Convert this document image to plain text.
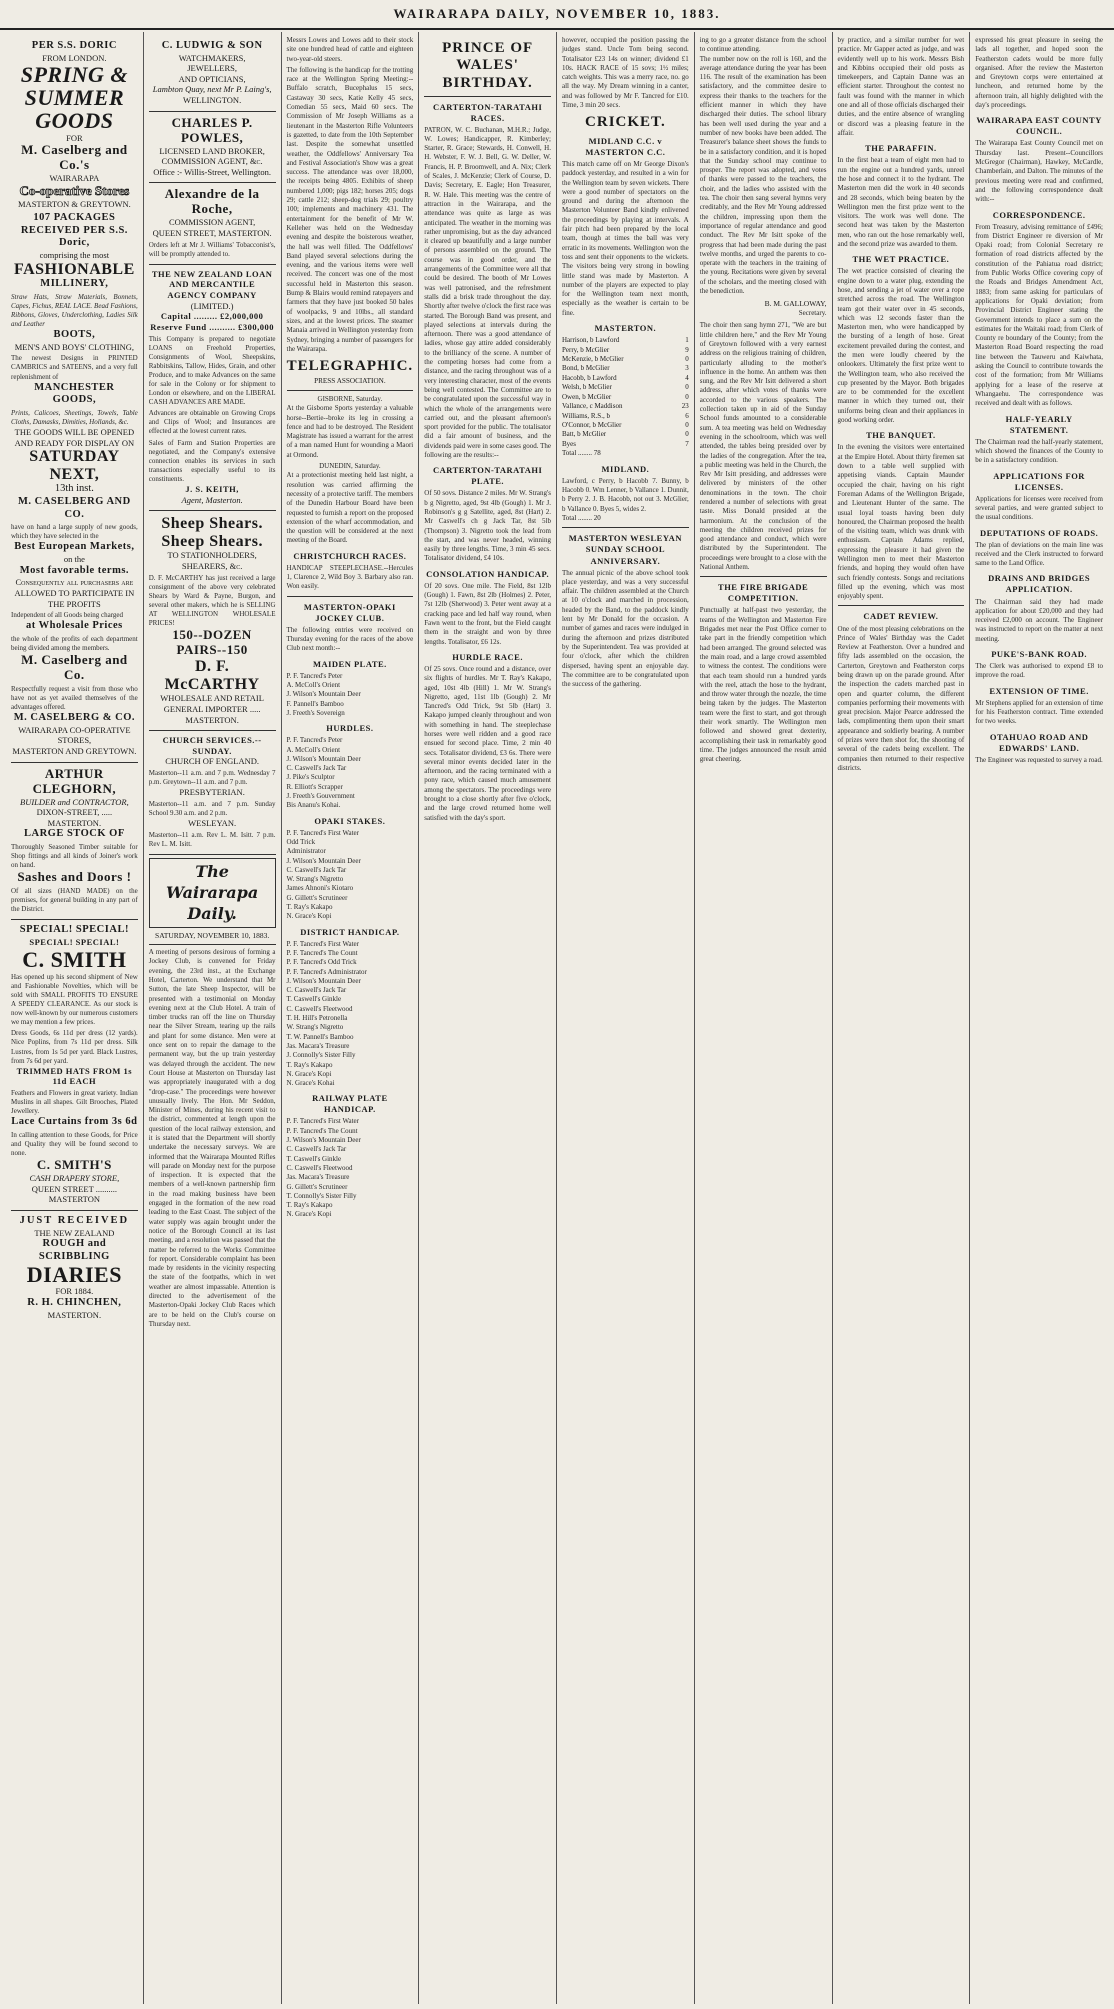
WAIRARAPA DAILY, NOVEMBER 10, 1883.
PER S.S. DORIC
FROM LONDON.
SPRING &
SUMMER
GOODS
FOR
M. Caselberg and Co.'s
WAIRARAPA
Co-operative Stores
MASTERTON & GREYTOWN.
107 PACKAGES RECEIVED PER S.S. Doric,
comprising the most
FASHIONABLE
MILLINERY,

Straw Hats, Straw Materials, Bonnets, Capes, Fichus, REAL LACE. Bead Fashions, Ribbons, Gloves, Underclothing, Ladies Silk and Leather

BOOTS,
MEN'S AND BOYS' CLOTHING,

The newest Designs in PRINTED CAMBRICS and SATEENS, and a very full replenishment of

MANCHESTER GOODS,

Prints, Calicoes, Sheetings, Towels, Table Cloths, Damasks, Dimities, Hollands, &c.

THE GOODS WILL BE OPENED AND READY FOR DISPLAY ON
SATURDAY NEXT,
13th inst.
M. CASELBERG AND CO.

have on hand a large supply of new goods, which they have selected in the

Best European Markets,
on the
Most favorable terms.
Consequently all purchasers are ALLOWED TO PARTICIPATE IN THE PROFITS

Independent of all Goods being charged

at Wholesale Prices

the whole of the profits of each department being divided among the members.

M. Caselberg and Co.

Respectfully request a visit from those who have not as yet availed themselves of the advantages offered.

M. CASELBERG & CO.
WAIRARAPA CO-OPERATIVE STORES,
MASTERTON AND GREYTOWN.
ARTHUR CLEGHORN,
BUILDER and CONTRACTOR,
DIXON-STREET, ..... MASTERTON.
LARGE STOCK OF

Thoroughly Seasoned Timber suitable for Shop fittings and all kinds of Joiner's work on hand.

Sashes and Doors !

Of all sizes (HAND MADE) on the premises, for general building in any part of the District.

SPECIAL! SPECIAL!
SPECIAL! SPECIAL!
C. SMITH

Has opened up his second shipment of New and Fashionable Novelties, which will be sold with SMALL PROFITS TO ENSURE A SPEEDY CLEARANCE. As our stock is now well-known by our numerous customers we may mention a few prices.

Dress Goods, 6s 11d per dress (12 yards). Nice Poplins, from 7s 11d per dress. Silk Lustres, from 1s 5d per yard. Black Lustres, from 7s 6d per yard.

TRIMMED HATS FROM 1s 11d EACH

Feathers and Flowers in great variety. Indian Muslins in all shapes. Gilt Brooches, Plated Jewellery.

Lace Curtains from 3s 6d

In calling attention to these Goods, for Price and Quality they will be found second to none.

C. SMITH'S
CASH DRAPERY STORE,
QUEEN STREET .......... MASTERTON
JUST RECEIVED
THE NEW ZEALAND
ROUGH and SCRIBBLING
DIARIES
FOR 1884.
R. H. CHINCHEN,
MASTERTON.
C. LUDWIG & SON
WATCHMAKERS,
JEWELLERS,
AND OPTICIANS,
Lambton Quay, next Mr P. Laing's,
WELLINGTON.
CHARLES P. POWLES,
LICENSED LAND BROKER,
COMMISSION AGENT, &c.
Office :- Willis-Street, Wellington.
Alexandre de la Roche,
COMMISSION AGENT,
QUEEN STREET, MASTERTON.

Orders left at Mr J. Williams' Tobacconist's, will be promptly attended to.

THE NEW ZEALAND LOAN AND MERCANTILE AGENCY COMPANY
(LIMITED.)
Capital ......... £2,000,000
Reserve Fund .......... £300,000

This Company is prepared to negotiate LOANS on Freehold Properties, Consignments of Wool, Sheepskins, Rabbitskins, Tallow, Hides, Grain, and other Produce, and to make Advances on the same for sale in the Colony or for shipment to London or elsewhere, and on the LIBERAL CASH ADVANCES ARE MADE.

Advances are obtainable on Growing Crops and Clips of Wool; and Insurances are effected at the lowest current rates.

Sales of Farm and Station Properties are negotiated, and the Company's extensive connection enables its services in such transactions especially useful to its constituents.

J. S. KEITH,
Agent, Masterton.
Sheep Shears.
Sheep Shears.
TO STATIONHOLDERS, SHEARERS, &c.

D. F. McCARTHY has just received a large consignment of the above very celebrated Shears by Ward & Payne, Burgon, and several other makers, which he is SELLING AT WELLINGTON WHOLESALE PRICES!

150--DOZEN PAIRS--150
D. F. McCARTHY
WHOLESALE AND RETAIL
GENERAL IMPORTER ..... MASTERTON.
CHURCH SERVICES.--SUNDAY.
CHURCH OF ENGLAND.

Masterton--11 a.m. and 7 p.m. Wednesday 7 p.m. Greytown--11 a.m. and 7 p.m.

PRESBYTERIAN.

Masterton--11 a.m. and 7 p.m. Sunday School 9.30 a.m. and 2 p.m.

WESLEYAN.

Masterton--11 a.m. Rev L. M. Isitt. 7 p.m. Rev L. M. Isitt.

The Wairarapa Daily.
SATURDAY, NOVEMBER 10, 1883.
A meeting of persons desirous of forming a Jockey Club, is convened for Friday evening, the 23rd inst., at the Exchange Hotel, Carterton. We understand that Mr Sutton, the late Sheep Inspector, will be presented with a testimonial on Monday evening next at the Club Hotel. A train of timber trucks ran off the line on Thursday near the Silver Stream, tearing up the rails and plant for some distance. Men were at once sent on to repair the damage to the permanent way, but the up train yesterday was delayed through the accident. The new Court House at Masterton on Thursday last was appropriately inaugurated with a dog "drop-case." The proceedings were however unusually lively. The Hon. Mr Seddon, Minister of Mines, during his recent visit to the district, commented at length upon the question of the local railway extension, and it is stated that the Department will shortly undertake the necessary surveys. We are informed that the Wairarapa Mounted Rifles will parade on Monday next for the purpose of inspection. It is expected that the members of a well-known partnership firm in the road making business have been engaged in the formation of the new road leading to the East Coast. The subject of the water supply was again brought under the notice of the Borough Council at its last meeting, and a resolution was passed that the matter be referred to the Works Committee for report. Considerable complaint has been made by residents in the vicinity respecting the state of the footpaths, which in wet weather are almost impassable. Attention is directed to the advertisement of the Masterton-Opaki Jockey Club Races which are to be held on the Club's course on Thursday next.
Messrs Lowes and Lowes add to their stock site one hundred head of cattle and eighteen two-year-old steers.
The following is the handicap for the trotting race at the Wellington Spring Meeting:--Buffalo scratch, Bucephalus 15 secs, Castaway 30 secs, Katie Kelly 45 secs, Comedian 55 secs, Maid 60 secs. The Commission of Mr Joseph Williams as a lieutenant in the Masterton Rifle Volunteers is gazetted, to date from the 10th September last. Despite the somewhat unsettled weather, the Oddfellows' Anniversary Tea and Festival Association's Show was a great success. The attendance was over 18,000, the receipts being 4805. Exhibits of sheep numbered 1,000; pigs 182; horses 205; dogs 29; cattle 212; sheep-dog trials 29; poultry 100; implements and machinery 431. The entertainment for the benefit of Mr W. Kelleher was held on the Wednesday evening and despite the boisterous weather, the hall was well filled. The Oddfellows' Band played several selections during the evening, and the various items were well received. The concert was one of the most successful held in Masterton this season. Bump & Blairs would remind ratepayers and farmers that they have just booked 50 bales of woolpacks, 9 and 10lbs., all standard sizes, and at the lowest prices. The steamer Manaia arrived in Wellington yesterday from Sydney, bringing a number of passengers for the Wairarapa.
TELEGRAPHIC.
PRESS ASSOCIATION.
GISBORNE, Saturday.
At the Gisborne Sports yesterday a valuable horse--Bertie--broke its leg in crossing a fence and had to be destroyed. The Resident Magistrate has issued a warrant for the arrest of a man named Hunt for wounding a Maori at Ormond.
DUNEDIN, Saturday.
At a protectionist meeting held last night, a resolution was carried affirming the necessity of a protective tariff. The members of the Dunedin Harbour Board have been requested to furnish a report on the proposed extension of the wharf accommodation, and the question will be considered at the next meeting of the Board.
CHRISTCHURCH RACES.
HANDICAP STEEPLECHASE.--Hercules 1, Clarence 2, Wild Boy 3. Barbary also ran. Won easily.
MASTERTON-OPAKI JOCKEY CLUB.
The following entries were received on Thursday evening for the races of the above Club next month:--
MAIDEN PLATE.
P. F. Tancred's Peter
A. McColl's Orient
J. Wilson's Mountain Deer
F. Pannell's Bamboo
J. Freeth's Sovereign
HURDLES.
P. F. Tancred's Peter
A. McColl's Orient
J. Wilson's Mountain Deer
C. Caswell's Jack Tar
J. Pike's Sculptor
R. Elliott's Scrapper
J. Freeth's Gouvernment
Bis Ananu's Kohai.
OPAKI STAKES.
P. F. Tancred's First Water
Odd Trick
Administrator
J. Wilson's Mountain Deer
C. Caswell's Jack Tar
W. Strang's Nigretto
James Ahnoni's Kiotaro
G. Gillett's Scrutineer
T. Ray's Kakapo
N. Grace's Kopi
DISTRICT HANDICAP.
P. F. Tancred's First Water
P. F. Tancred's The Count
P. F. Tancred's Odd Trick
P. F. Tancred's Administrator
J. Wilson's Mountain Deer
C. Caswell's Jack Tar
T. Caswell's Ginkle
C. Caswell's Fleetwood
T. H. Hill's Petronella
W. Strang's Nigretto
T. W. Pannell's Bamboo
Jas. Macara's Treasure
J. Connolly's Sister Filly
T. Ray's Kakapo
N. Grace's Kopi
N. Grace's Kohai
RAILWAY PLATE HANDICAP.
P. F. Tancred's First Water
P. F. Tancred's The Count
J. Wilson's Mountain Deer
C. Caswell's Jack Tar
T. Caswell's Ginkle
C. Caswell's Fleetwood
Jas. Macara's Treasure
G. Gillett's Scrutineer
T. Connolly's Sister Filly
T. Ray's Kakapo
N. Grace's Kopi
PRINCE OF WALES'
BIRTHDAY.
CARTERTON-TARATAHI RACES.
PATRON, W. C. Buchanan, M.H.R.; Judge, W. Lowes; Handicapper, R. Kimberley; Starter, R. Grace; Stewards, H. Conwell, H. H. Webster, F. W. J. Bell, G. W. Deller, W. Francis, H. P. Broomwell, and A. Nix; Clerk of Scales, J. McKenzie; Clerk of Course, D. Davis; Secretary, E. Eagle; Hon Treasurer, R. W. Hale. This meeting was the centre of attraction in the Wairarapa, and the attendance was quite as large as was anticipated. The weather in the morning was rather unpromising, but as the day advanced it cleared up beautifully and a large number of persons assembled on the ground. The course was in good order, and the arrangements of the Committee were all that could be desired. The booth of Mr Lowes was well patronised, and the refreshment stalls did a brisk trade throughout the day. Shortly after twelve o'clock the first race was started. The Borough Band was present, and played selections at intervals during the afternoon. There was a good attendance of ladies, whose gay attire added considerably to the brilliancy of the scene. A number of the competing horses had come from a distance, and the racing throughout was of a very interesting character, most of the events being well contested. The Committee are to be congratulated upon the successful way in which the whole of the arrangements were carried out, and the pleasant afternoon's sport provided for the public. The totalisator did a fair amount of business, and the dividends paid were in some cases good. The following are the results:--
CARTERTON-TARATAHI PLATE.
Of 50 sovs. Distance 2 miles. Mr W. Strang's b g Nigretto, aged, 9st 4lb (Gough) 1. Mr J. Robinson's g g Satellite, aged, 8st (Hart) 2. Mr Caswell's ch g Jack Tar, 8st 5lb (Thompson) 3. Nigretto took the lead from the start, and was never headed, winning easily by three lengths. Time, 3 min 45 secs. Totalisator dividend, £4 10s.
CONSOLATION HANDICAP.
Of 20 sovs. One mile. The Field, 8st 12lb (Gough) 1. Fawn, 8st 2lb (Holmes) 2. Peter, 7st 12lb (Sherwood) 3. Peter went away at a cracking pace and led half way round, when Fawn went to the front, but the Field caught them in the straight and won by three lengths. Totalisator, £6 12s.
HURDLE RACE.
Of 25 sovs. Once round and a distance, over six flights of hurdles. Mr T. Ray's Kakapo, aged, 10st 4lb (Hill) 1. Mr W. Strang's Nigretto, aged, 11st 1lb (Gough) 2. Mr Tancred's Odd Trick, 9st 5lb (Hart) 3. Kakapo jumped cleanly throughout and won with something in hand. The steeplechase horses were well ridden and a good race ensued for second place. Time, 2 min 40 secs. Totalisator dividend, £3 6s. There were several minor events decided later in the afternoon, and the racing terminated with a pony race, which caused much amusement among the spectators. The proceedings were brought to a close shortly after five o'clock, and the large crowd returned home well satisfied with the day's sport.
however, occupied the position passing the judges stand. Uncle Tom being second. Totalisator £23 14s on winner; dividend £1 10s. HACK RACE of 15 sovs; 1½ miles; catch weights. This was a merry race, no. go all the way. My Dream winning in a canter, and was followed by Mr F. Tancred for £10. Time, 3 min 20 secs.
CRICKET.
MIDLAND C.C. v MASTERTON C.C.
This match came off on Mr George Dixon's paddock yesterday, and resulted in a win for the Wellington team by seven wickets. There were a good number of spectators on the ground and during the afternoon the Masterton Volunteer Band kindly enlivened the proceedings by playing at intervals. A fair pitch had been prepared by the local team, though at times the ball was very erratic in its movements. Wellington won the toss and sent their opponents to the wickets. The visitors being very strong in bowling little stand was made by Masterton. A number of the players are expected to play for the Wellington team next month, especially as the weather is certain to be fine.
MASTERTON.
Harrison, b Lawford	1
Perry, b McGlier	9
McKenzie, b McGlier	0
Bond, b McGlier	3
Hacobb, b Lawford	4
Welsh, b McGlier	0
Owen, b McGlier	0
Vallance, c Maddison	23
Williams, R.S., b	6
O'Connor, b McGlier	0
Batt, b McGlier	0
Byes	7
Total ........ 78
MIDLAND.
Lawford, c Perry, b Hacobb 7. Bunny, b Hacobb 0. Wm Lenner, b Vallance 1. Dunnit, b Perry 2. J. B. Hacobb, not out 3. McGlier, b Vallance 0. Byes 5, wides 2.
Total ........ 20
MASTERTON WESLEYAN SUNDAY SCHOOL ANNIVERSARY.
The annual picnic of the above school took place yesterday, and was a very successful affair. The children assembled at the Church at 10 o'clock and marched in procession, headed by the Band, to the paddock kindly lent by Mr Donald for the occasion. A number of games and races were indulged in during the afternoon and prizes distributed by the Superintendent. Tea was provided at four o'clock, after which the children dispersed, having spent an enjoyable day. The committee are to be congratulated upon the success of the gathering.
ing to go a greater distance from the school to continue attending.
The number now on the roll is 160, and the average attendance during the year has been 116. The result of the examination has been satisfactory, and the committee desire to express their thanks to the teachers for the efficient manner in which they have discharged their duties. The school library has been well used during the year and a number of new books have been added. The Treasurer's balance sheet shows the funds to be in a satisfactory condition, and it is hoped that the Sunday school may continue to prosper. The report was adopted, and votes of thanks were passed to the teachers, the choir, and the ladies who assisted with the tea. The choir then sang several hymns very creditably, and the Rev Mr Young addressed the children, impressing upon them the importance of regular attendance and good conduct. The Rev Mr Isitt spoke of the progress that had been made during the past twelve months, and urged the parents to co-operate with the teachers in the training of the young. Recitations were given by several of the scholars, and the meeting closed with the benediction.
B. M. GALLOWAY,
Secretary.
The choir then sang hymn 271, "We are but little children here," and the Rev Mr Young of Greytown followed with a very earnest address on the religious training of children, particularly alluding to the mother's influence in the home. An anthem was then sung, and the Rev Mr Isitt delivered a short address, after which votes of thanks were accorded to the various speakers. The collection taken up in aid of the Sunday School funds amounted to a considerable sum. A tea meeting was held on Wednesday evening in the schoolroom, which was well attended, the tables being presided over by the ladies of the congregation. After the tea, a public meeting was held in the Church, the Rev Mr Isitt presiding, and addresses were delivered by ministers of the other denominations in the town. The choir rendered a number of selections with great taste. Miss Donald presided at the harmonium. At the conclusion of the meeting the children received prizes for good attendance and conduct, which were distributed by the Superintendent. The proceedings were brought to a close with the National Anthem.
THE FIRE BRIGADE COMPETITION.
Punctually at half-past two yesterday, the teams of the Wellington and Masterton Fire Brigades met near the Post Office corner to take part in the friendly competition which had been arranged. The ground selected was the main road, and a large crowd assembled to witness the contest. The conditions were that each team should run a hundred yards with the reel, attach the hose to the hydrant, and throw water through the nozzle, the time being taken by the judges. The Masterton team were the first to start, and got through their work smartly. The Wellington men followed and showed great dexterity, accomplishing their task in remarkably good time. The judges announced the result amid great cheering.
by practice, and a similar number for wet practice. Mr Gapper acted as judge, and was evidently well up to his work. Messrs Bish and Kibbins occupied their old posts as timekeepers, and Captain Danne was an efficient starter. Throughout the contest no fault was found with the manner in which one and all of those officials discharged their duties, and the entire absence of wrangling or discord was a pleasing feature in the affair.
THE PARAFFIN.
In the first heat a team of eight men had to run the engine out a hundred yards, unreel the hose and connect it to the hydrant. The Masterton men did the work in 40 seconds and 28 seconds, which being beaten by the Wellington men the first prize went to the visitors. The work was well done. The second heat was taken by the Masterton men, who ran out the hose remarkably well, and the second prize was awarded to them.
THE WET PRACTICE.
The wet practice consisted of clearing the engine down to a water plug, extending the hose, and sending a jet of water over a rope stretched across the road. The Wellington team got their water over in 45 seconds, which was 12 seconds faster than the Masterton men, who were handicapped by the bursting of a length of hose. Great excitement prevailed during the contest, and the men were loudly cheered by the onlookers. Ultimately the first prize went to the Wellington team, who also received the cup presented by the Mayor. Both brigades are to be commended for the excellent manner in which they turned out, their uniforms being clean and their appliances in good working order.
THE BANQUET.
In the evening the visitors were entertained at the Empire Hotel. About thirty firemen sat down to a table well supplied with appetising viands. Captain Maunder occupied the chair, having on his right Foreman Adams of the Wellington Brigade, and Lieutenant Hunter of the same. The usual loyal toasts having been duly honoured, the Chairman proposed the health of the visiting team, which was drunk with enthusiasm. Captain Adams replied, expressing the pleasure it had given the Wellington men to meet their Masterton friends, and hoping they would often have such friendly contests. Songs and recitations filled up the evening, which was most enjoyably spent.
CADET REVIEW.
One of the most pleasing celebrations on the Prince of Wales' Birthday was the Cadet Review at Featherston. Over a hundred and fifty lads assembled on the occasion, the Carterton, Greytown and Featherston corps being drawn up on the parade ground. After the inspection the cadets marched past in open and quarter column, the different companies performing their movements with great precision. Major Pearce addressed the lads, complimenting them upon their smart appearance and soldierly bearing. A number of prizes were then shot for, the shooting of several of the cadets being excellent. The companies then returned to their respective districts.
expressed his great pleasure in seeing the lads all together, and hoped soon the Featherston cadets would be more fully organised. After the review the Masterton and Greytown corps were entertained at luncheon, and returned home by the afternoon train, all highly delighted with the day's proceedings.
WAIRARAPA EAST COUNTY COUNCIL.
The Wairarapa East County Council met on Thursday last. Present--Councillors McGregor (Chairman), Hawkey, McCardle, Chamberlain, and Dalton. The minutes of the previous meeting were read and confirmed, and the following correspondence dealt with:--
CORRESPONDENCE.
From Treasury, advising remittance of £496; from District Engineer re diversion of Mr Opaki road; from Colonial Secretary re formation of road districts affected by the constitution of the Pahiatua road district; from Public Works Office covering copy of the Roads and Bridges Amendment Act, 1883; from same asking for particulars of applications for Opaki deviation; from Provincial District Engineer stating the Government intends to place a sum on the estimates for the Waitaki road; from Clerk of County re boundary of the County; from the Masterton Road Board respecting the road line between the Tauweru and Kaiwhata, asking the Council to contribute towards the cost of the formation; from Mr Williams applying for a lease of the reserve at Whangaehu. The correspondence was received and dealt with as follows.
HALF-YEARLY STATEMENT.
The Chairman read the half-yearly statement, which showed the finances of the County to be in a satisfactory condition.
APPLICATIONS FOR LICENSES.
Applications for licenses were received from several parties, and were granted subject to the usual conditions.
DEPUTATIONS OF ROADS.
The plan of deviations on the main line was received and the Clerk instructed to forward same to the Land Office.
DRAINS AND BRIDGES APPLICATION.
The Chairman said they had made application for about £20,000 and they had received £2,000 on account. The Engineer was instructed to report on the matter at next meeting.
PUKE'S-BANK ROAD.
The Clerk was authorised to expend £8 to improve the road.
EXTENSION OF TIME.
Mr Stephens applied for an extension of time for his Featherston contract. Time extended for two weeks.
OTAHUAO ROAD AND EDWARDS' LAND.
The Engineer was requested to survey a road.
